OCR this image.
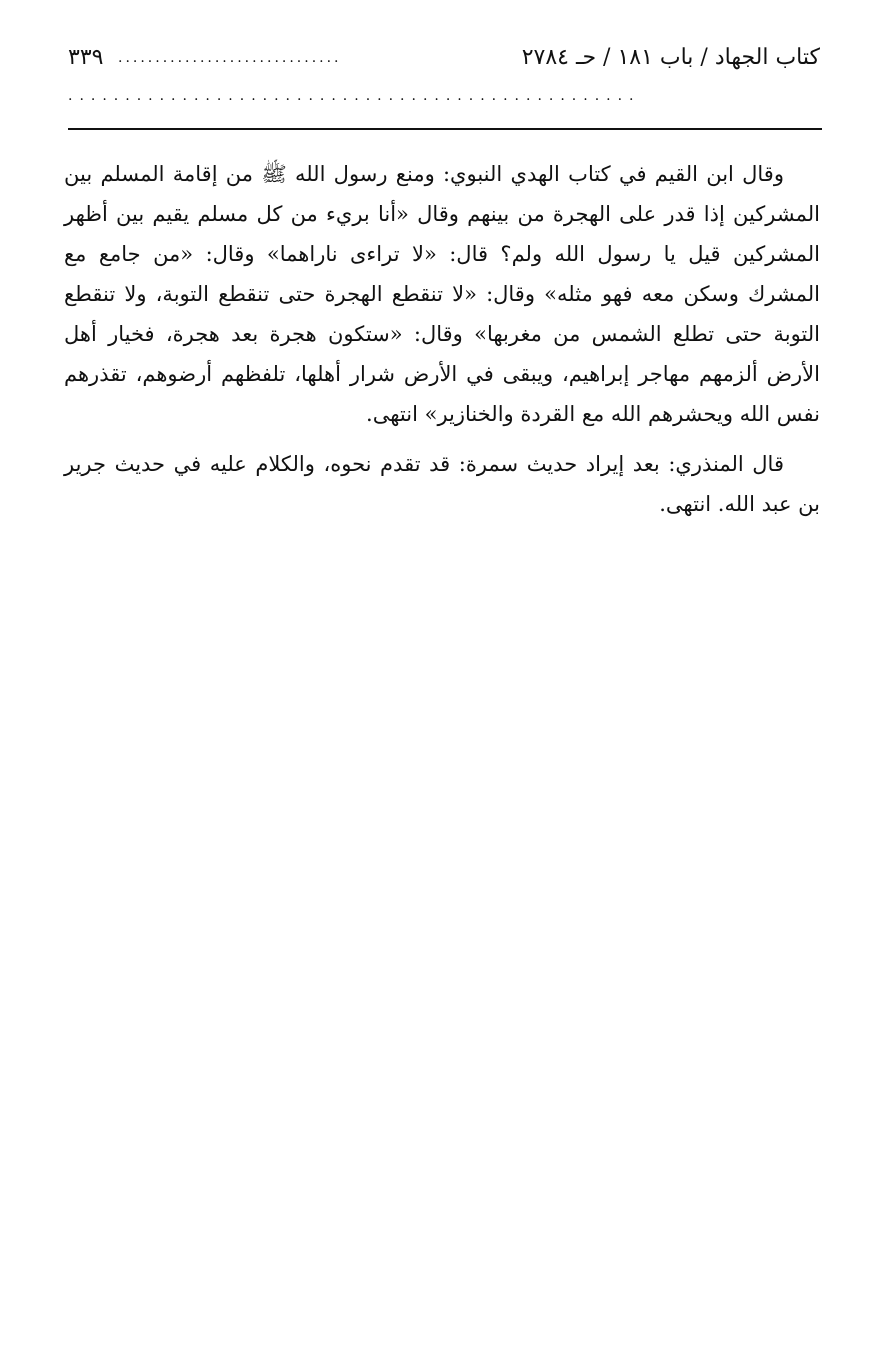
كتاب الجهاد / باب ١٨١ / حـ ٢٧٨٤
..............................
٣٣٩
..................................................

وقال ابن القيم في كتاب الهدي النبوي: ومنع رسول الله ﷺ من إقامة المسلم بين المشركين إذا قدر على الهجرة من بينهم وقال «أنا بريء من كل مسلم يقيم بين أظهر المشركين قيل يا رسول الله ولم؟ قال: «لا تراءى ناراهما» وقال: «من جامع مع المشرك وسكن معه فهو مثله» وقال: «لا تنقطع الهجرة حتى تنقطع التوبة، ولا تنقطع التوبة حتى تطلع الشمس من مغربها» وقال: «ستكون هجرة بعد هجرة، فخيار أهل الأرض ألزمهم مهاجر إبراهيم، ويبقى في الأرض شرار أهلها، تلفظهم أرضوهم، تقذرهم نفس الله ويحشرهم الله مع القردة والخنازير» انتهى.

قال المنذري: بعد إيراد حديث سمرة: قد تقدم نحوه، والكلام عليه في حديث جرير بن عبد الله. انتهى.
